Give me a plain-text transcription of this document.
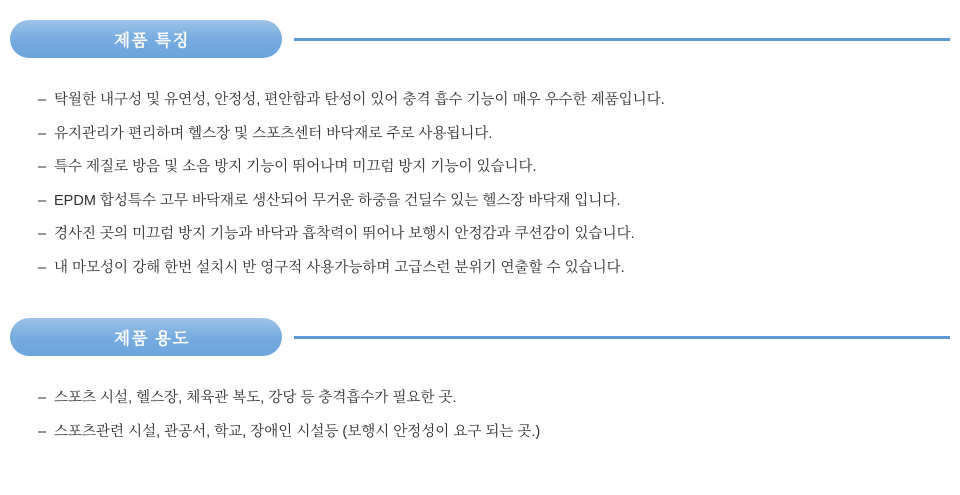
제품 특징
– 탁월한 내구성 및 유연성, 안정성, 편안함과 탄성이 있어 충격 흡수 기능이 매우 우수한 제품입니다.
– 유지관리가 편리하며 헬스장 및 스포츠센터 바닥재로 주로 사용됩니다.
– 특수 제질로 방음 및 소음 방지 기능이 뛰어나며 미끄럼 방지 기능이 있습니다.
– EPDM 합성특수 고무 바닥재로 생산되어 무거운 하중을 건딜수 있는 헬스장 바닥재 입니다.
– 경사진 곳의 미끄럼 방지 기능과 바닥과 흡착력이 뛰어나 보행시 안정감과 쿠션감이 있습니다.
– 내 마모성이 강해 한번 설치시 반 영구적 사용가능하며 고급스런 분위기 연출할 수 있습니다.
제품 용도
– 스포츠 시설, 헬스장, 체육관 복도, 강당 등 충격흡수가 필요한 곳.
– 스포츠관련 시설, 관공서, 학교, 장애인 시설등 (보행시 안정성이 요구 되는 곳.)
